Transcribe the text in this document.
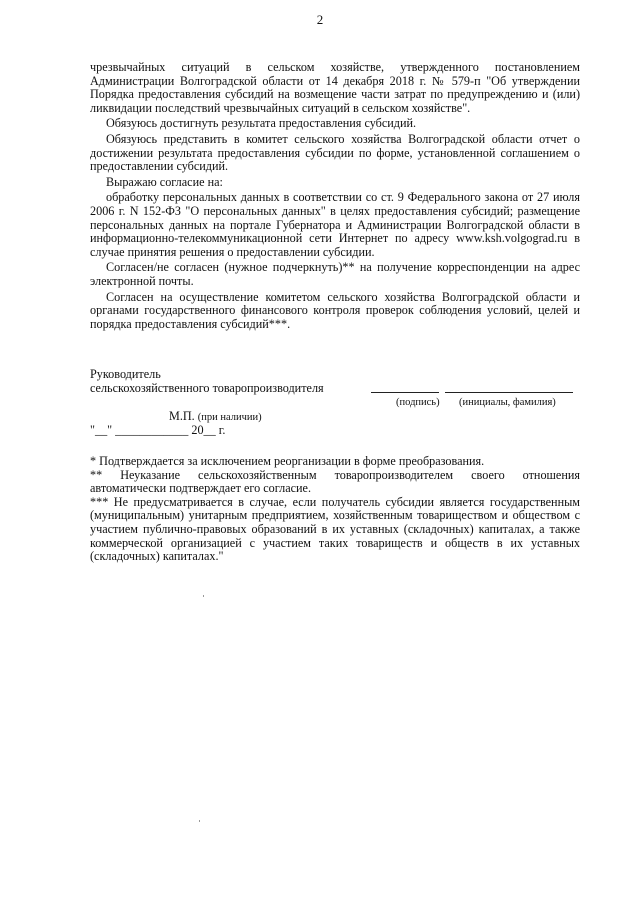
2

чрезвычайных ситуаций в сельском хозяйстве, утвержденного постановлением Администрации Волгоградской области от 14 декабря 2018 г. № 579-п "Об утверждении Порядка предоставления субсидий на возмещение части затрат по предупреждению и (или) ликвидации последствий чрезвычайных ситуаций в сельском хозяйстве".

Обязуюсь достигнуть результата предоставления субсидий.

Обязуюсь представить в комитет сельского хозяйства Волгоградской области отчет о достижении результата предоставления субсидии по форме, установленной соглашением о предоставлении субсидий.

Выражаю согласие на:

обработку персональных данных в соответствии со ст. 9 Федерального закона от 27 июля 2006 г. N 152-ФЗ "О персональных данных" в целях предоставления субсидий; размещение персональных данных на портале Губернатора и Администрации Волгоградской области в информационно-телекоммуникационной сети Интернет по адресу www.ksh.volgograd.ru в случае принятия решения о предоставлении субсидии.

Согласен/не согласен (нужное подчеркнуть)** на получение корреспонденции на адрес электронной почты.

Согласен на осуществление комитетом сельского хозяйства Волгоградской области и органами государственного финансового контроля проверок соблюдения условий, целей и порядка предоставления субсидий***.

Руководитель
сельскохозяйственного товаропроизводителя
(подпись) (инициалы, фамилия)
М.П. (при наличии)
"__" ____________ 20__ г.

* Подтверждается за исключением реорганизации в форме преобразования.

** Неуказание сельскохозяйственным товаропроизводителем своего отношения автоматически подтверждает его согласие.

*** Не предусматривается в случае, если получатель субсидии является государственным (муниципальным) унитарным предприятием, хозяйственным товариществом и обществом с участием публично-правовых образований в их уставных (складочных) капиталах, а также коммерческой организацией с участием таких товариществ и обществ в их уставных (складочных) капиталах."
